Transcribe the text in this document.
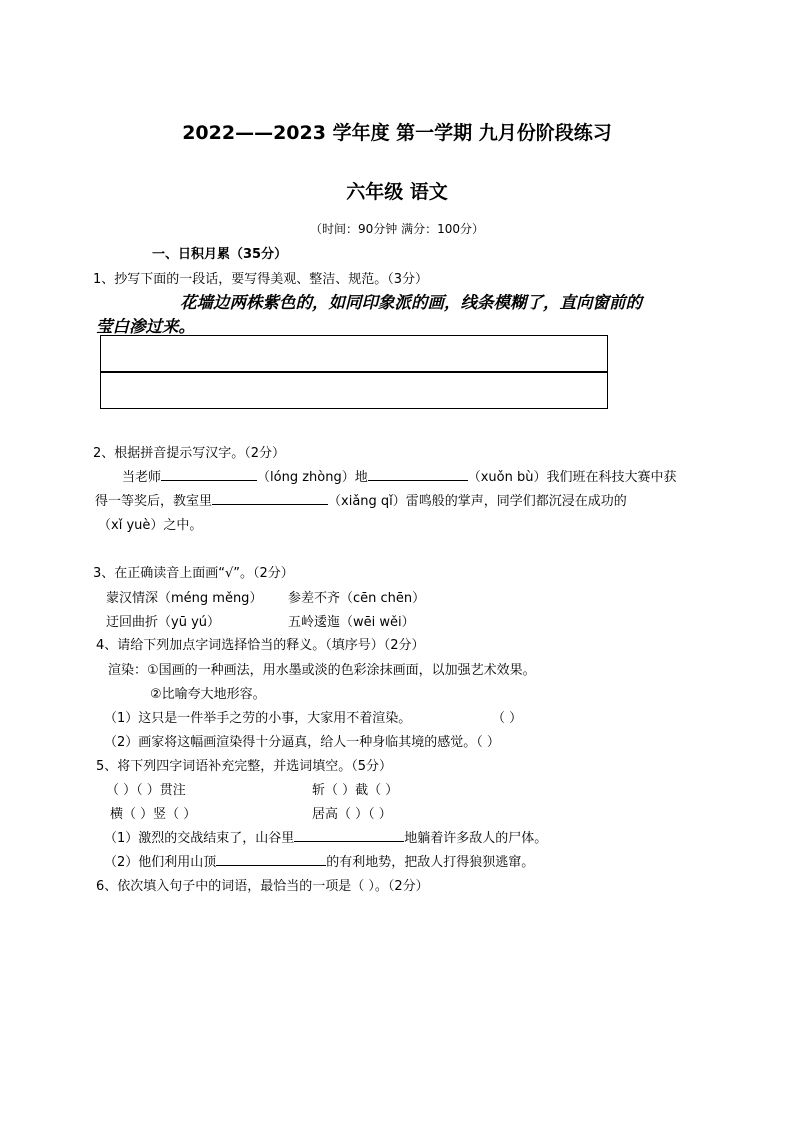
2022——2023 学年度 第一学期 九月份阶段练习
六年级 语文
（时间：90分钟 满分：100分）
一、日积月累（35分）
1、抄写下面的一段话，要写得美观、整洁、规范。（3分）
花墙边两株紫色的，如同印象派的画，线条模糊了，直向窗前的
莹白渗过来。
2、根据拼音提示写汉字。（2分）
当老师	（lóng zhòng）地	（xuǒn bù）我们班在科技大赛中获
得一等奖后，教室里	（xiǎng qǐ）雷鸣般的掌声，同学们都沉浸在成功的
（xǐ yuè）之中。
3、在正确读音上面画“√”。（2分）
蒙汉情深（méng měng） 参差不齐（cēn chēn）
迂回曲折（yū yú）	五岭逶迤（wēi wěi）
4、请给下列加点字词选择恰当的释义。（填序号）（2分）
渲染：①国画的一种画法，用水墨或淡的色彩涂抹画面，以加强艺术效果。
②比喻夸大地形容。
（1）这只是一件举手之劳的小事，大家用不着渲染。	（ ）
（2）画家将这幅画渲染得十分逼真，给人一种身临其境的感觉。（ ）
5、将下列四字词语补充完整，并选词填空。（5分）
（ ）（ ）贯注	斩（ ）截（ ）
横（ ）竖（ ）	居高（ ）（ ）
（1）激烈的交战结束了，山谷里	地躺着许多敌人的尸体。
（2）他们利用山顶	的有利地势，把敌人打得狼狈逃窜。
6、依次填入句子中的词语，最恰当的一项是（ ）。（2分）
